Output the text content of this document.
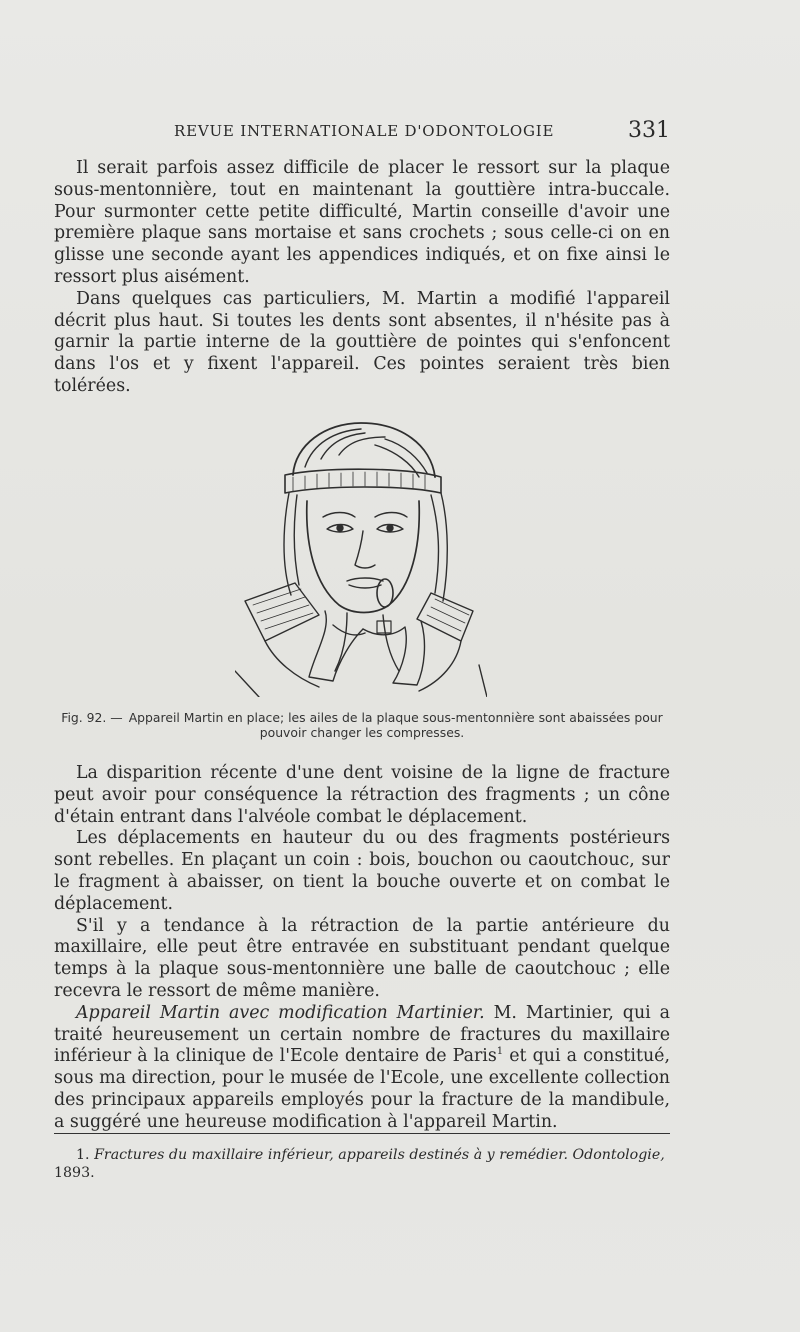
REVUE INTERNATIONALE D'ODONTOLOGIE	331

Il serait parfois assez difficile de placer le ressort sur la plaque sous-mentonnière, tout en maintenant la gouttière intra-buccale. Pour surmonter cette petite difficulté, Martin conseille d'avoir une première plaque sans mortaise et sans crochets ; sous celle-ci on en glisse une seconde ayant les appendices indiqués, et on fixe ainsi le ressort plus aisément.

Dans quelques cas particuliers, M. Martin a modifié l'appareil décrit plus haut. Si toutes les dents sont absentes, il n'hésite pas à garnir la partie interne de la gouttière de pointes qui s'enfoncent dans l'os et y fixent l'appareil. Ces pointes seraient très bien tolérées.

Fig. 92. — Appareil Martin en place; les ailes de la plaque sous-mentonnière sont abaissées pour pouvoir changer les compresses.

La disparition récente d'une dent voisine de la ligne de fracture peut avoir pour conséquence la rétraction des fragments ; un cône d'étain entrant dans l'alvéole combat le déplacement.

Les déplacements en hauteur du ou des fragments postérieurs sont rebelles. En plaçant un coin : bois, bouchon ou caoutchouc, sur le fragment à abaisser, on tient la bouche ouverte et on combat le déplacement.

S'il y a tendance à la rétraction de la partie antérieure du maxillaire, elle peut être entravée en substituant pendant quelque temps à la plaque sous-mentonnière une balle de caoutchouc ; elle recevra le ressort de même manière.

Appareil Martin avec modification Martinier. M. Martinier, qui a traité heureusement un certain nombre de fractures du maxillaire inférieur à la clinique de l'Ecole dentaire de Paris$^1$ et qui a constitué, sous ma direction, pour le musée de l'Ecole, une excellente collection des principaux appareils employés pour la fracture de la mandibule, a suggéré une heureuse modification à l'appareil Martin.

1. Fractures du maxillaire inférieur, appareils destinés à y remédier. Odontologie, 1893.
